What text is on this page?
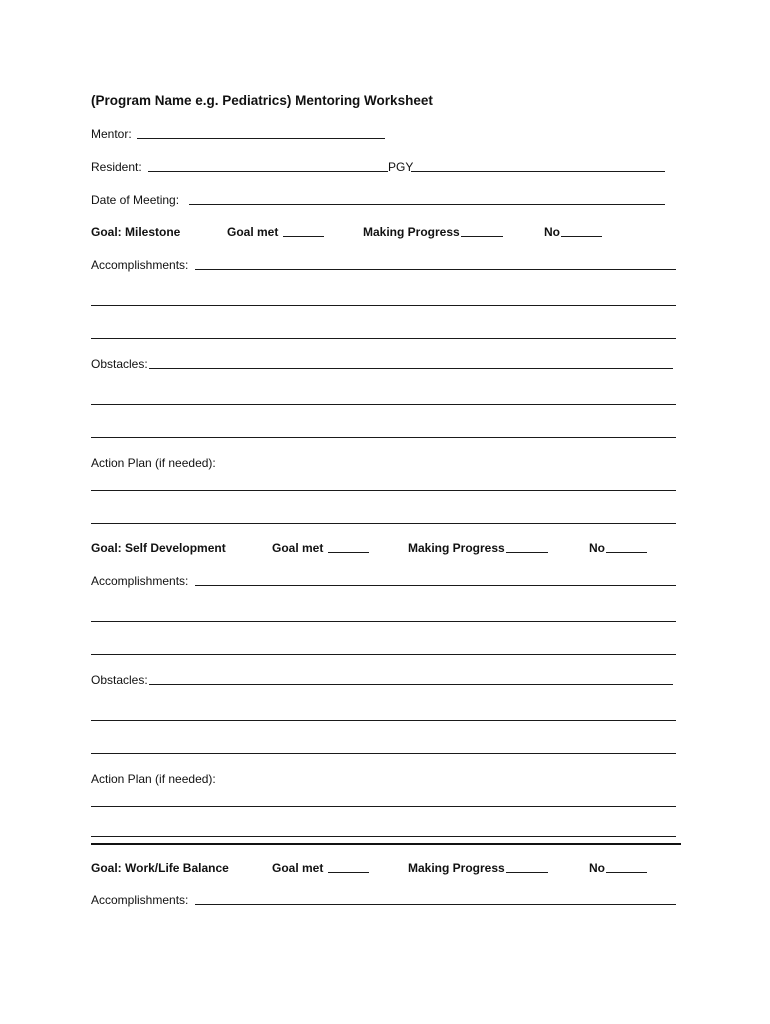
(Program Name e.g. Pediatrics) Mentoring Worksheet
Mentor:
Resident:	PGY
Date of Meeting:
Goal: Milestone	Goal met	Making Progress	No
Accomplishments:
Obstacles:
Action Plan (if needed):
Goal: Self Development	Goal met	Making Progress	No
Accomplishments:
Obstacles:
Action Plan (if needed):
Goal: Work/Life Balance	Goal met	Making Progress	No
Accomplishments:
